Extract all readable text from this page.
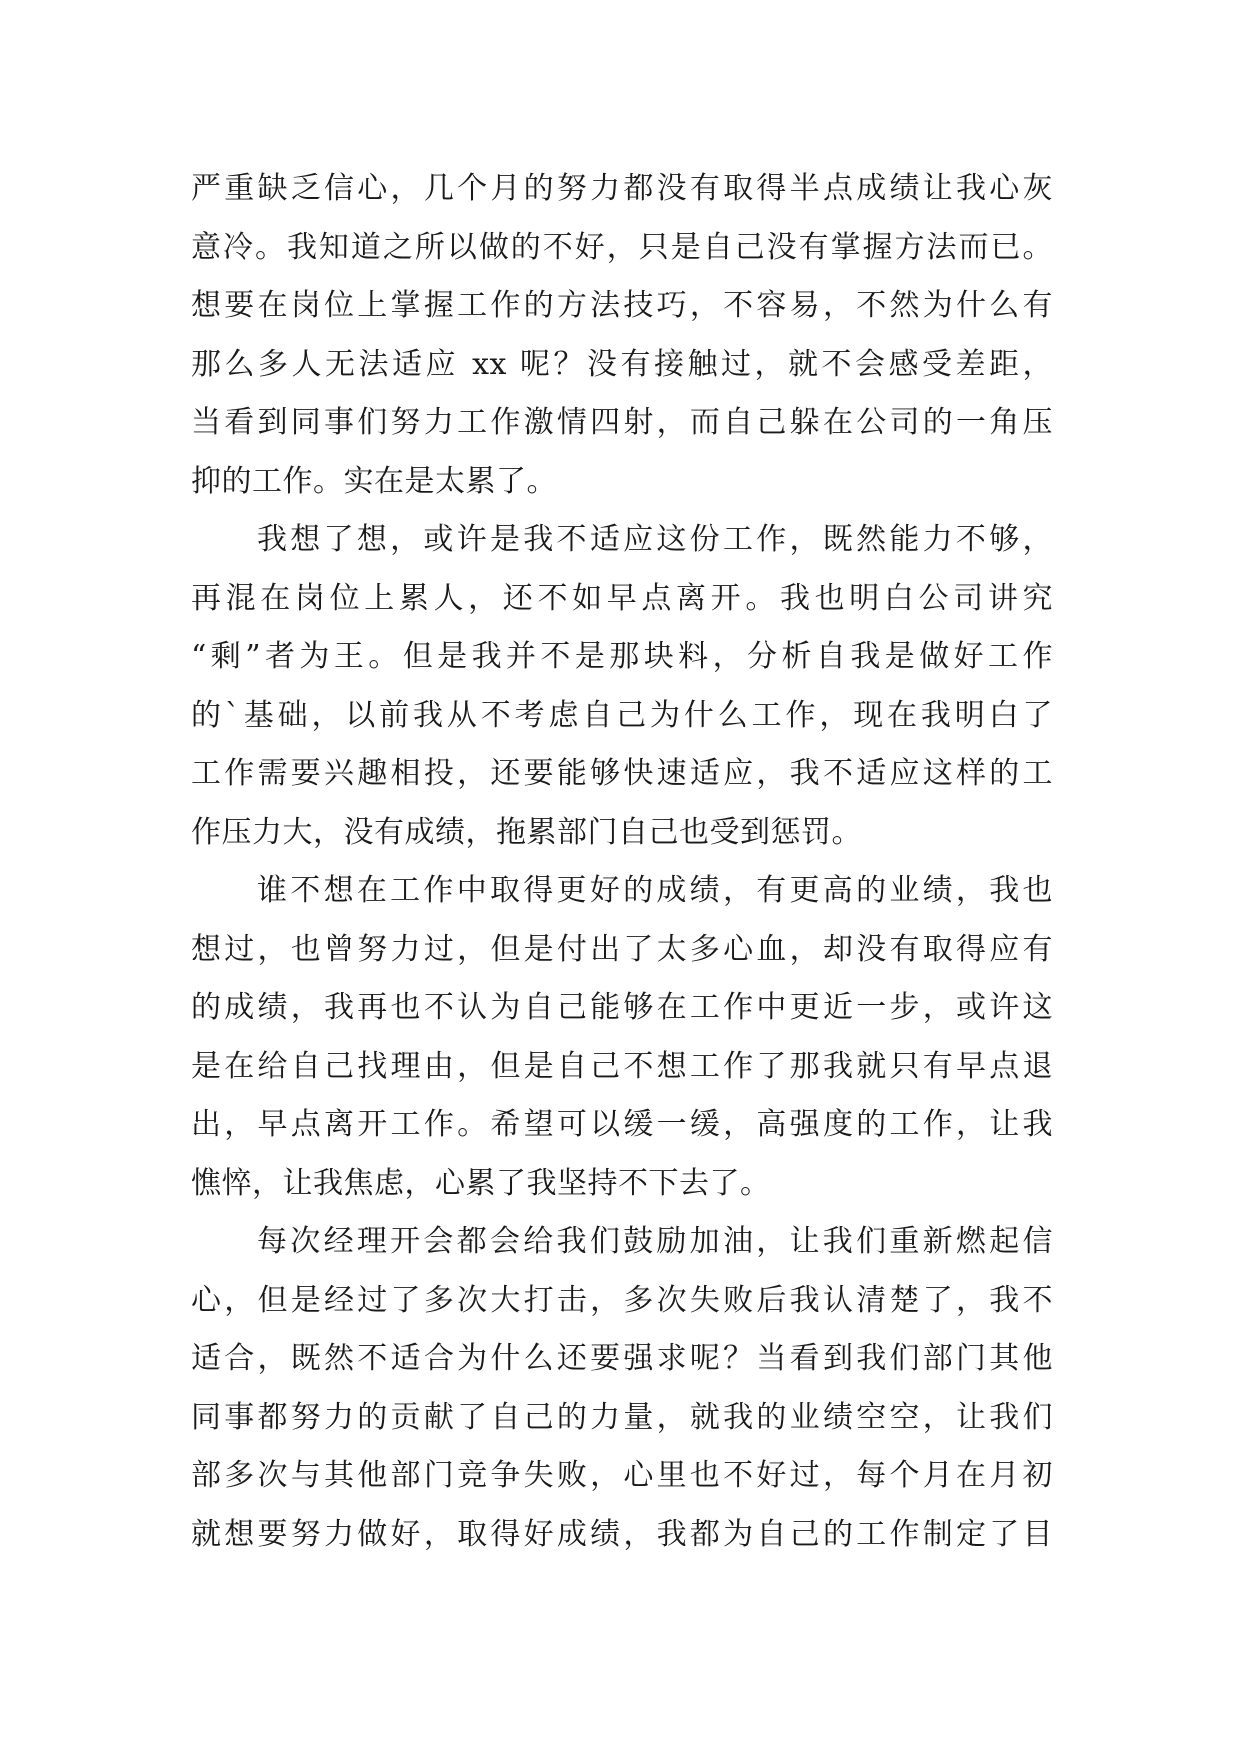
严重缺乏信心，几个月的努力都没有取得半点成绩让我心灰
意冷。我知道之所以做的不好，只是自己没有掌握方法而已。
想要在岗位上掌握工作的方法技巧，不容易，不然为什么有
那么多人无法适应 xx 呢？没有接触过，就不会感受差距，
当看到同事们努力工作激情四射，而自己躲在公司的一角压
抑的工作。实在是太累了。
我想了想，或许是我不适应这份工作，既然能力不够，
再混在岗位上累人，还不如早点离开。我也明白公司讲究
“剩”者为王。但是我并不是那块料，分析自我是做好工作
的`基础，以前我从不考虑自己为什么工作，现在我明白了
工作需要兴趣相投，还要能够快速适应，我不适应这样的工
作压力大，没有成绩，拖累部门自己也受到惩罚。
谁不想在工作中取得更好的成绩，有更高的业绩，我也
想过，也曾努力过，但是付出了太多心血，却没有取得应有
的成绩，我再也不认为自己能够在工作中更近一步，或许这
是在给自己找理由，但是自己不想工作了那我就只有早点退
出，早点离开工作。希望可以缓一缓，高强度的工作，让我
憔悴，让我焦虑，心累了我坚持不下去了。
每次经理开会都会给我们鼓励加油，让我们重新燃起信
心，但是经过了多次大打击，多次失败后我认清楚了，我不
适合，既然不适合为什么还要强求呢？当看到我们部门其他
同事都努力的贡献了自己的力量，就我的业绩空空，让我们
部多次与其他部门竞争失败，心里也不好过，每个月在月初
就想要努力做好，取得好成绩，我都为自己的工作制定了目
